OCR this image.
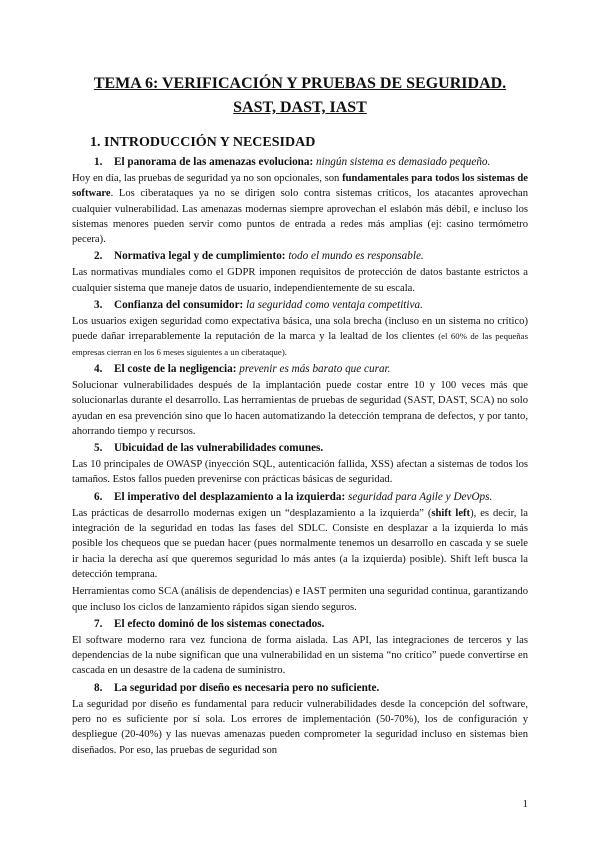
TEMA 6: VERIFICACIÓN Y PRUEBAS DE SEGURIDAD. SAST, DAST, IAST
1. INTRODUCCIÓN Y NECESIDAD
1. El panorama de las amenazas evoluciona: ningún sistema es demasiado pequeño.

Hoy en día, las pruebas de seguridad ya no son opcionales, son fundamentales para todos los sistemas de software. Los ciberataques ya no se dirigen solo contra sistemas críticos, los atacantes aprovechan cualquier vulnerabilidad. Las amenazas modernas siempre aprovechan el eslabón más débil, e incluso los sistemas menores pueden servir como puntos de entrada a redes más amplias (ej: casino termómetro pecera).

2. Normativa legal y de cumplimiento: todo el mundo es responsable.

Las normativas mundiales como el GDPR imponen requisitos de protección de datos bastante estrictos a cualquier sistema que maneje datos de usuario, independientemente de su escala.

3. Confianza del consumidor: la seguridad como ventaja competitiva.

Los usuarios exigen seguridad como expectativa básica, una sola brecha (incluso en un sistema no crítico) puede dañar irreparablemente la reputación de la marca y la lealtad de los clientes (el 60% de las pequeñas empresas cierran en los 6 meses siguientes a un ciberataque).

4. El coste de la negligencia: prevenir es más barato que curar.

Solucionar vulnerabilidades después de la implantación puede costar entre 10 y 100 veces más que solucionarlas durante el desarrollo. Las herramientas de pruebas de seguridad (SAST, DAST, SCA) no solo ayudan en esa prevención sino que lo hacen automatizando la detección temprana de defectos, y por tanto, ahorrando tiempo y recursos.

5. Ubicuidad de las vulnerabilidades comunes.

Las 10 principales de OWASP (inyección SQL, autenticación fallida, XSS) afectan a sistemas de todos los tamaños. Estos fallos pueden prevenirse con prácticas básicas de seguridad.

6. El imperativo del desplazamiento a la izquierda: seguridad para Agile y DevOps.

Las prácticas de desarrollo modernas exigen un “desplazamiento a la izquierda” (shift left), es decir, la integración de la seguridad en todas las fases del SDLC. Consiste en desplazar a la izquierda lo más posible los chequeos que se puedan hacer (pues normalmente tenemos un desarrollo en cascada y se suele ir hacia la derecha así que queremos seguridad lo más antes (a la izquierda) posible). Shift left busca la detección temprana.

Herramientas como SCA (análisis de dependencias) e IAST permiten una seguridad continua, garantizando que incluso los ciclos de lanzamiento rápidos sigan siendo seguros.

7. El efecto dominó de los sistemas conectados.

El software moderno rara vez funciona de forma aislada. Las API, las integraciones de terceros y las dependencias de la nube significan que una vulnerabilidad en un sistema “no crítico” puede convertirse en cascada en un desastre de la cadena de suministro.

8. La seguridad por diseño es necesaria pero no suficiente.

La seguridad por diseño es fundamental para reducir vulnerabilidades desde la concepción del software, pero no es suficiente por sí sola. Los errores de implementación (50-70%), los de configuración y despliegue (20-40%) y las nuevas amenazas pueden comprometer la seguridad incluso en sistemas bien diseñados. Por eso, las pruebas de seguridad son

1
